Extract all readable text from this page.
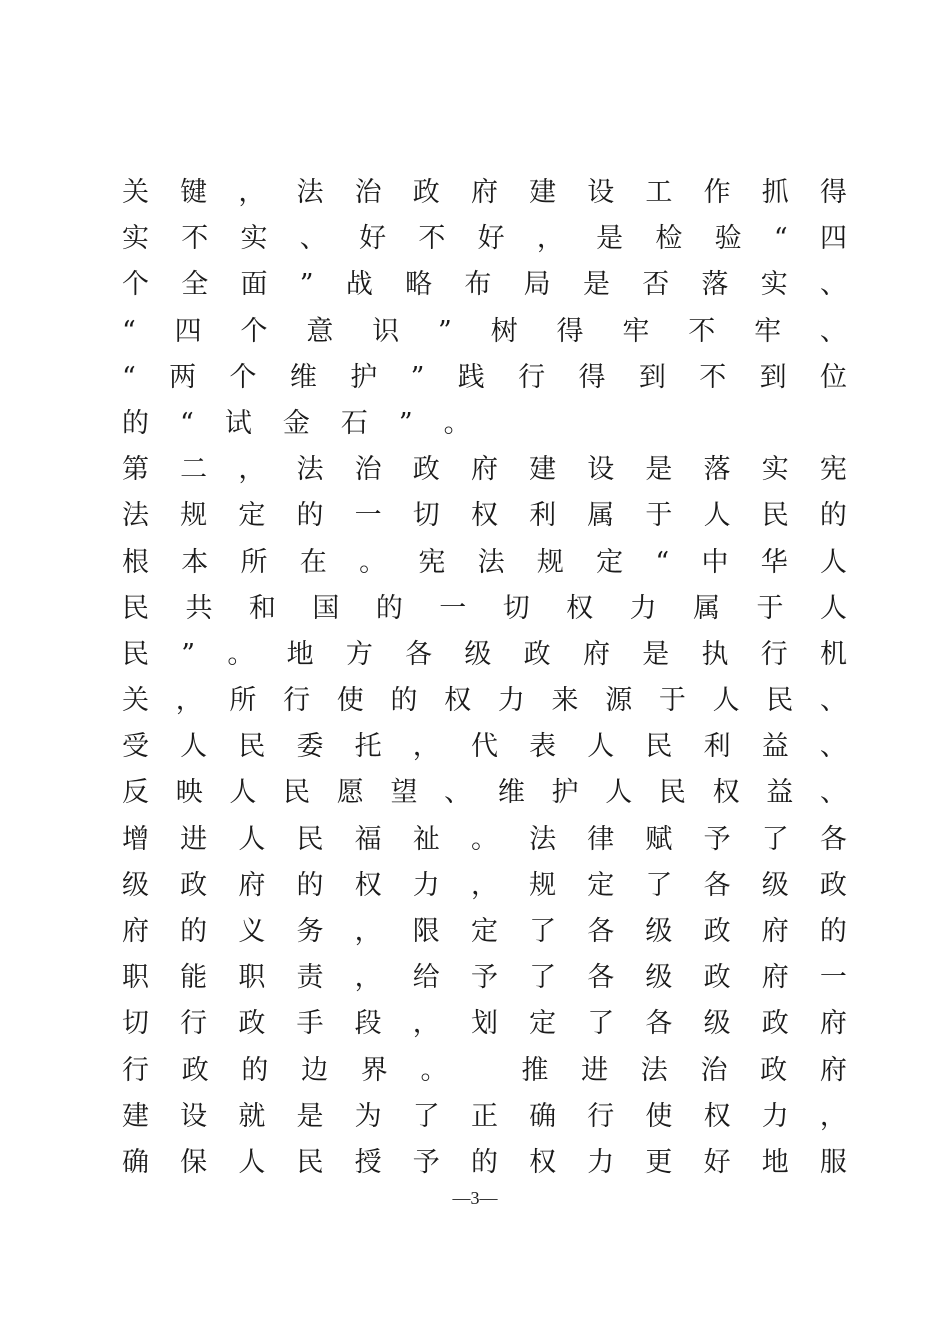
关 键 ， 法 治 政 府 建 设 工 作 抓 得
实 不 实 、 好 不 好 ， 是 检 验 “ 四
个 全 面 ” 战 略 布 局 是 否 落 实 、
“ 四 个 意 识 ” 树 得 牢 不 牢 、
“ 两 个 维 护 ” 践 行 得 到 不 到 位
的 “ 试 金 石 ” 。
第 二 ， 法 治 政 府 建 设 是 落 实 宪
法 规 定 的 一 切 权 利 属 于 人 民 的
根 本 所 在 。 宪 法 规 定 “ 中 华 人
民 共 和 国 的 一 切 权 力 属 于 人
民 ” 。 地 方 各 级 政 府 是 执 行 机
关 ， 所 行 使 的 权 力 来 源 于 人 民 、
受 人 民 委 托 ， 代 表 人 民 利 益 、
反 映 人 民 愿 望 、 维 护 人 民 权 益 、
增 进 人 民 福 祉 。 法 律 赋 予 了 各
级 政 府 的 权 力 ， 规 定 了 各 级 政
府 的 义 务 ， 限 定 了 各 级 政 府 的
职 能 职 责 ， 给 予 了 各 级 政 府 一
切 行 政 手 段 ， 划 定 了 各 级 政 府
行 政 的 边 界 。
	推 进 法 治 政 府
建 设 就 是 为 了 正 确 行 使 权 力 ，
确 保 人 民 授 予 的 权 力 更 好 地 服
—3—
